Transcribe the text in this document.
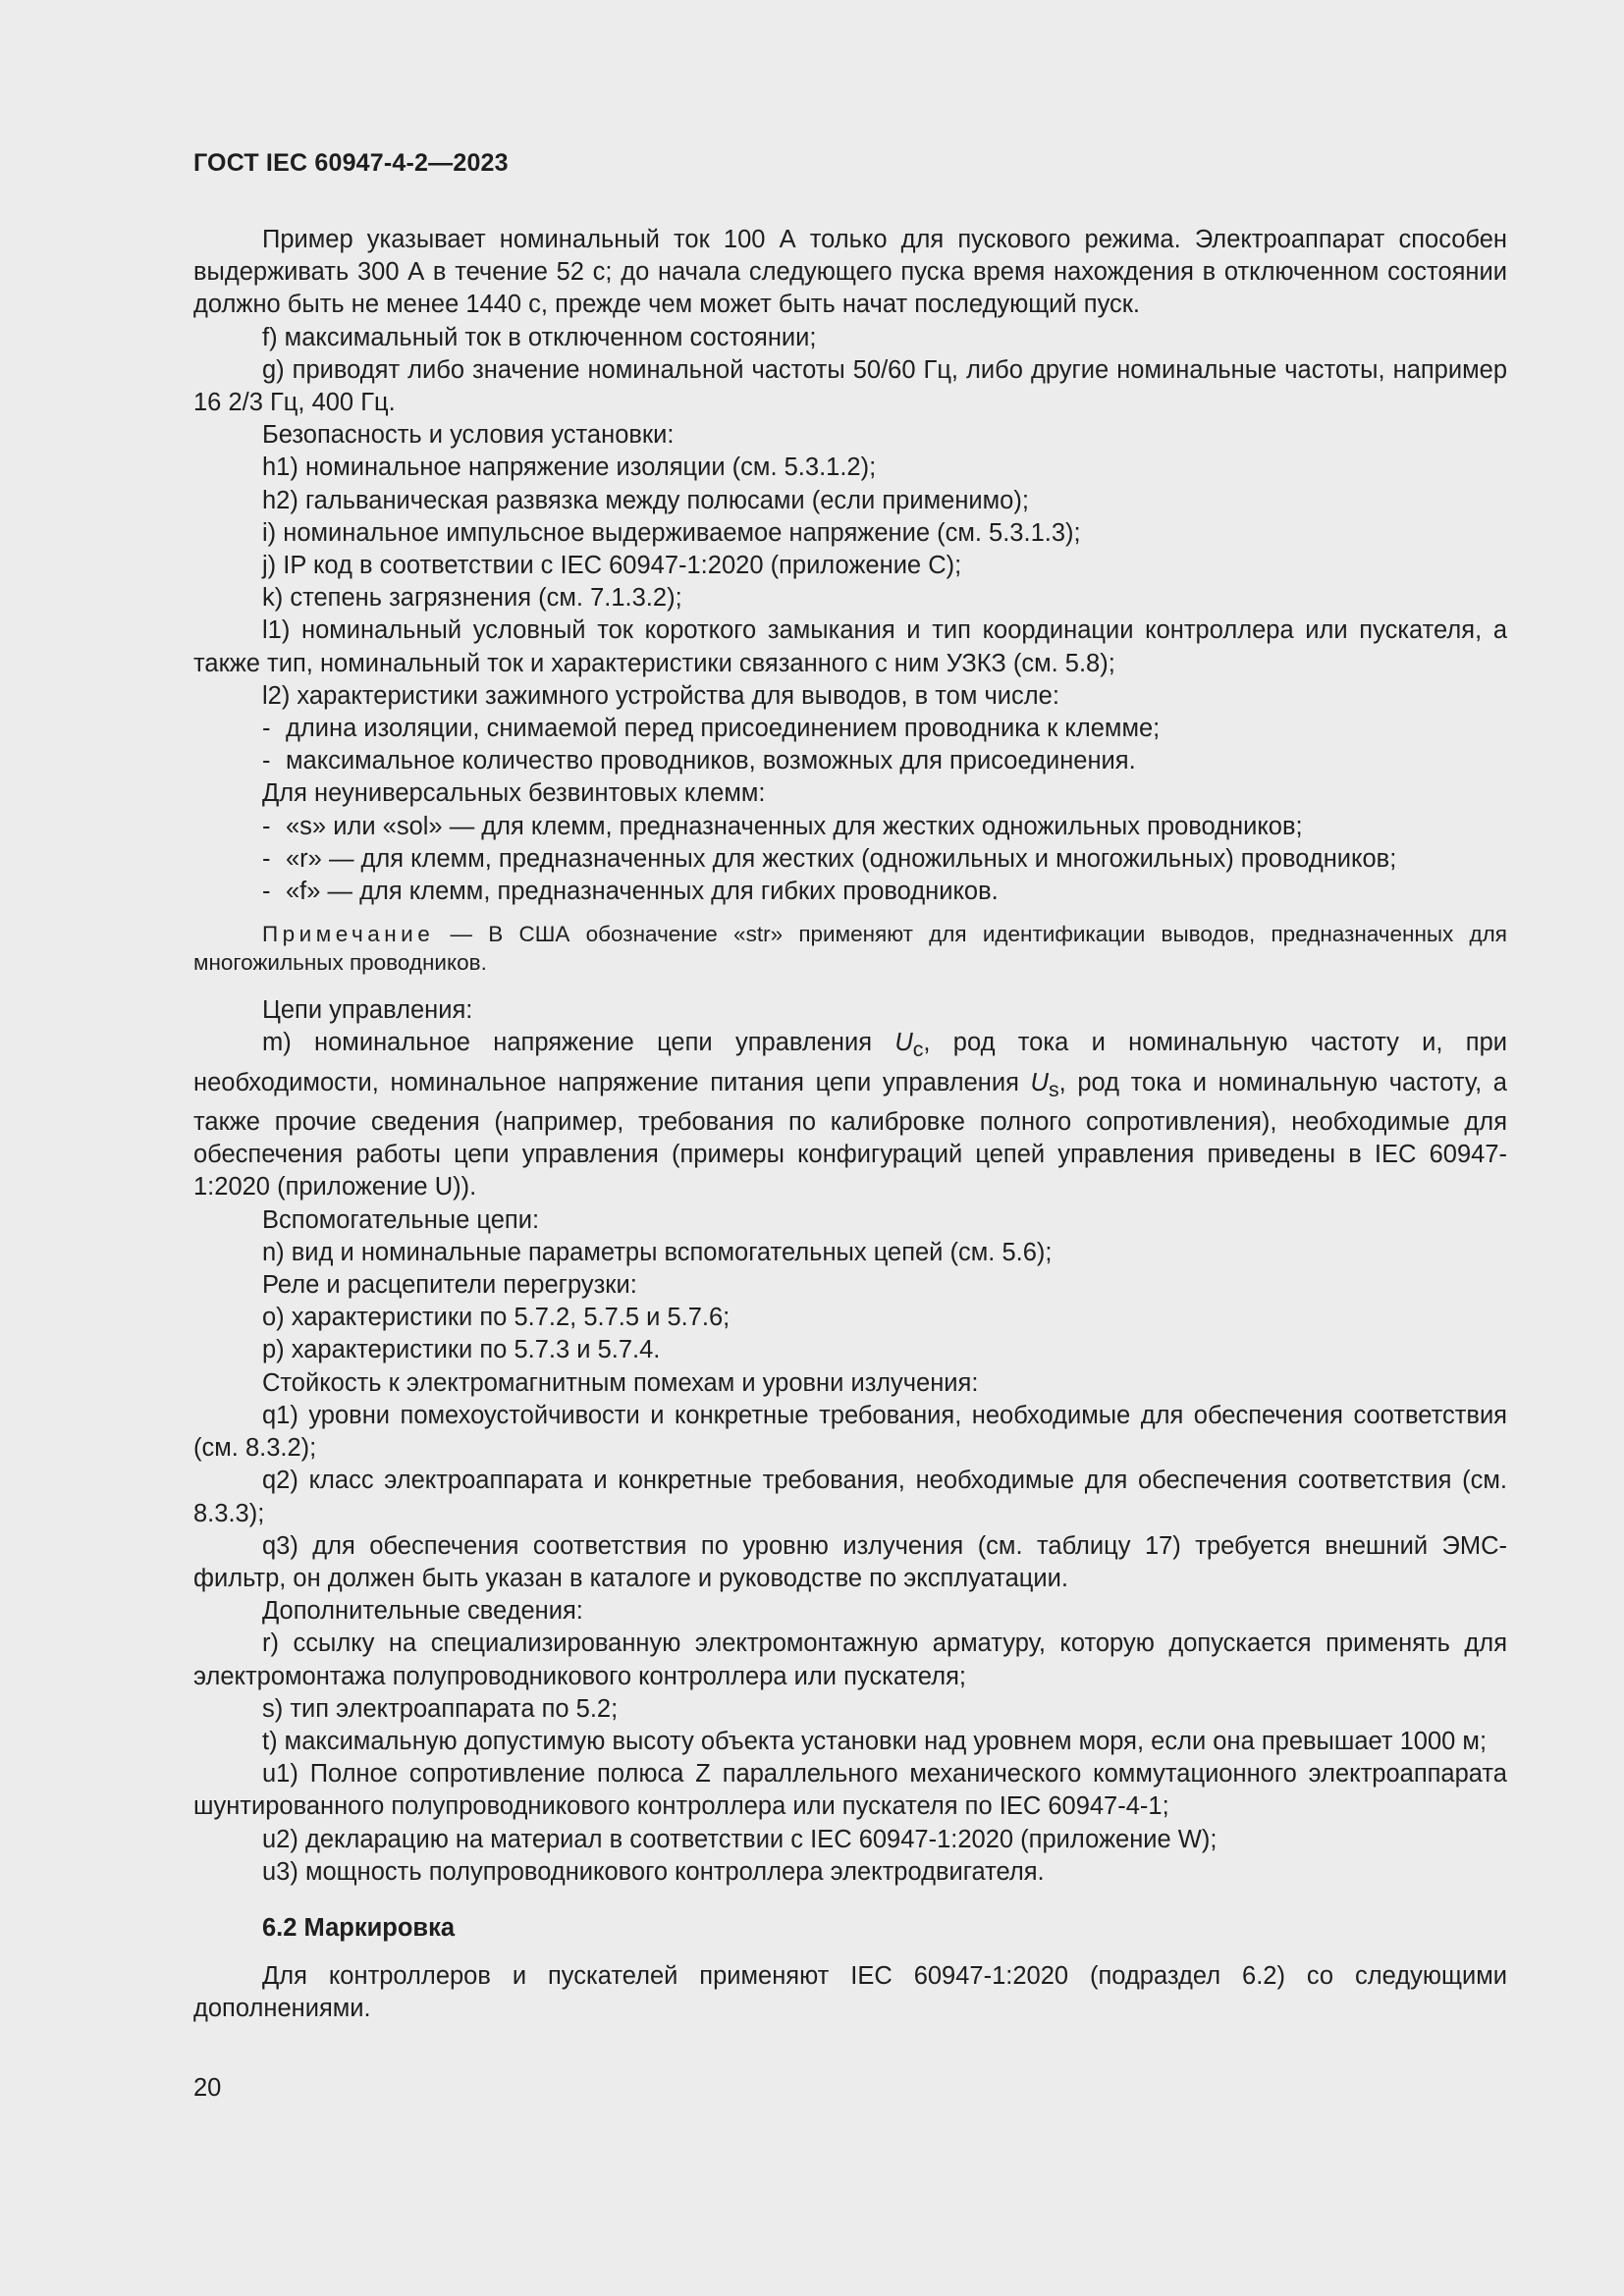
ГОСТ IEC 60947-4-2—2023

Пример указывает номинальный ток 100 А только для пускового режима. Электроаппарат способен выдерживать 300 А в течение 52 с; до начала следующего пуска время нахождения в отключенном состоянии должно быть не менее 1440 с, прежде чем может быть начат последующий пуск.

f) максимальный ток в отключенном состоянии;

g) приводят либо значение номинальной частоты 50/60 Гц, либо другие номинальные частоты, например 16 2/3 Гц, 400 Гц.

Безопасность и условия установки:

h1) номинальное напряжение изоляции (см. 5.3.1.2);

h2) гальваническая развязка между полюсами (если применимо);

i) номинальное импульсное выдерживаемое напряжение (см. 5.3.1.3);

j) IP код в соответствии с IEC 60947-1:2020 (приложение C);

k) степень загрязнения (см. 7.1.3.2);

l1) номинальный условный ток короткого замыкания и тип координации контроллера или пускателя, а также тип, номинальный ток и характеристики связанного с ним УЗКЗ (см. 5.8);

l2) характеристики зажимного устройства для выводов, в том числе:

- длина изоляции, снимаемой перед присоединением проводника к клемме;
- максимальное количество проводников, возможных для присоединения.

Для неуниверсальных безвинтовых клемм:

- «s» или «sol» — для клемм, предназначенных для жестких одножильных проводников;
- «r» — для клемм, предназначенных для жестких (одножильных и многожильных) проводников;
- «f» — для клемм, предназначенных для гибких проводников.

Примечание — В США обозначение «str» применяют для идентификации выводов, предназначенных для многожильных проводников.

Цепи управления:

m) номинальное напряжение цепи управления $U_c$, род тока и номинальную частоту и, при необходимости, номинальное напряжение питания цепи управления $U_s$, род тока и номинальную частоту, а также прочие сведения (например, требования по калибровке полного сопротивления), необходимые для обеспечения работы цепи управления (примеры конфигураций цепей управления приведены в IEC 60947-1:2020 (приложение U)).

Вспомогательные цепи:

n) вид и номинальные параметры вспомогательных цепей (см. 5.6);

Реле и расцепители перегрузки:

o) характеристики по 5.7.2, 5.7.5 и 5.7.6;

p) характеристики по 5.7.3 и 5.7.4.

Стойкость к электромагнитным помехам и уровни излучения:

q1) уровни помехоустойчивости и конкретные требования, необходимые для обеспечения соответствия (см. 8.3.2);

q2) класс электроаппарата и конкретные требования, необходимые для обеспечения соответствия (см. 8.3.3);

q3) для обеспечения соответствия по уровню излучения (см. таблицу 17) требуется внешний ЭМС-фильтр, он должен быть указан в каталоге и руководстве по эксплуатации.

Дополнительные сведения:

r) ссылку на специализированную электромонтажную арматуру, которую допускается применять для электромонтажа полупроводникового контроллера или пускателя;

s) тип электроаппарата по 5.2;

t) максимальную допустимую высоту объекта установки над уровнем моря, если она превышает 1000 м;

u1) Полное сопротивление полюса Z параллельного механического коммутационного электроаппарата шунтированного полупроводникового контроллера или пускателя по IEC 60947-4-1;

u2) декларацию на материал в соответствии с IEC 60947-1:2020 (приложение W);

u3) мощность полупроводникового контроллера электродвигателя.

6.2 Маркировка

Для контроллеров и пускателей применяют IEC 60947-1:2020 (подраздел 6.2) со следующими дополнениями.

20
